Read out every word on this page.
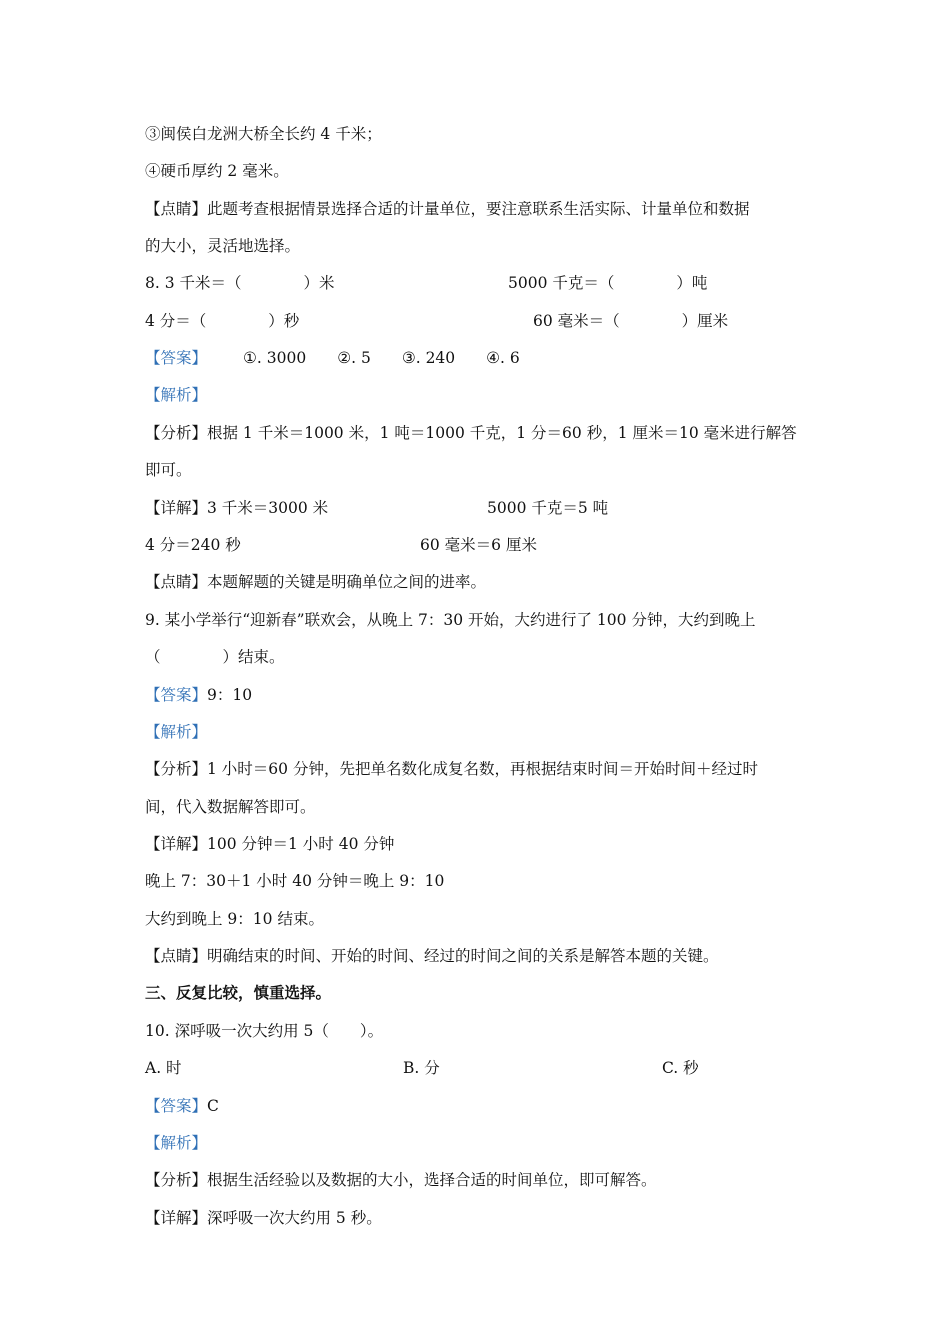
③闽侯白龙洲大桥全长约 4 千米；
④硬币厚约 2 毫米。
【点睛】此题考查根据情景选择合适的计量单位，要注意联系生活实际、计量单位和数据
的大小，灵活地选择。
8. 3 千米＝（　　　　）米	5000 千克＝（　　　　）吨
4 分＝（　　　　）秒	60 毫米＝（　　　　）厘米
【答案】 ①. 3000　　②. 5　　③. 240　　④. 6
【解析】
【分析】根据 1 千米＝1000 米，1 吨＝1000 千克，1 分＝60 秒，1 厘米＝10 毫米进行解答
即可。
【详解】3 千米＝3000 米	5000 千克＝5 吨
4 分＝240 秒	60 毫米＝6 厘米
【点睛】本题解题的关键是明确单位之间的进率。
9. 某小学举行“迎新春”联欢会，从晚上 7：30 开始，大约进行了 100 分钟，大约到晚上
（　　　　）结束。
【答案】9：10
【解析】
【分析】1 小时＝60 分钟，先把单名数化成复名数，再根据结束时间＝开始时间＋经过时
间，代入数据解答即可。
【详解】100 分钟＝1 小时 40 分钟
晚上 7：30＋1 小时 40 分钟＝晚上 9：10
大约到晚上 9：10 结束。
【点睛】明确结束的时间、开始的时间、经过的时间之间的关系是解答本题的关键。
三、反复比较，慎重选择。
10. 深呼吸一次大约用 5（　　）。
A. 时	B. 分	C. 秒
【答案】C
【解析】
【分析】根据生活经验以及数据的大小，选择合适的时间单位，即可解答。
【详解】深呼吸一次大约用 5 秒。
